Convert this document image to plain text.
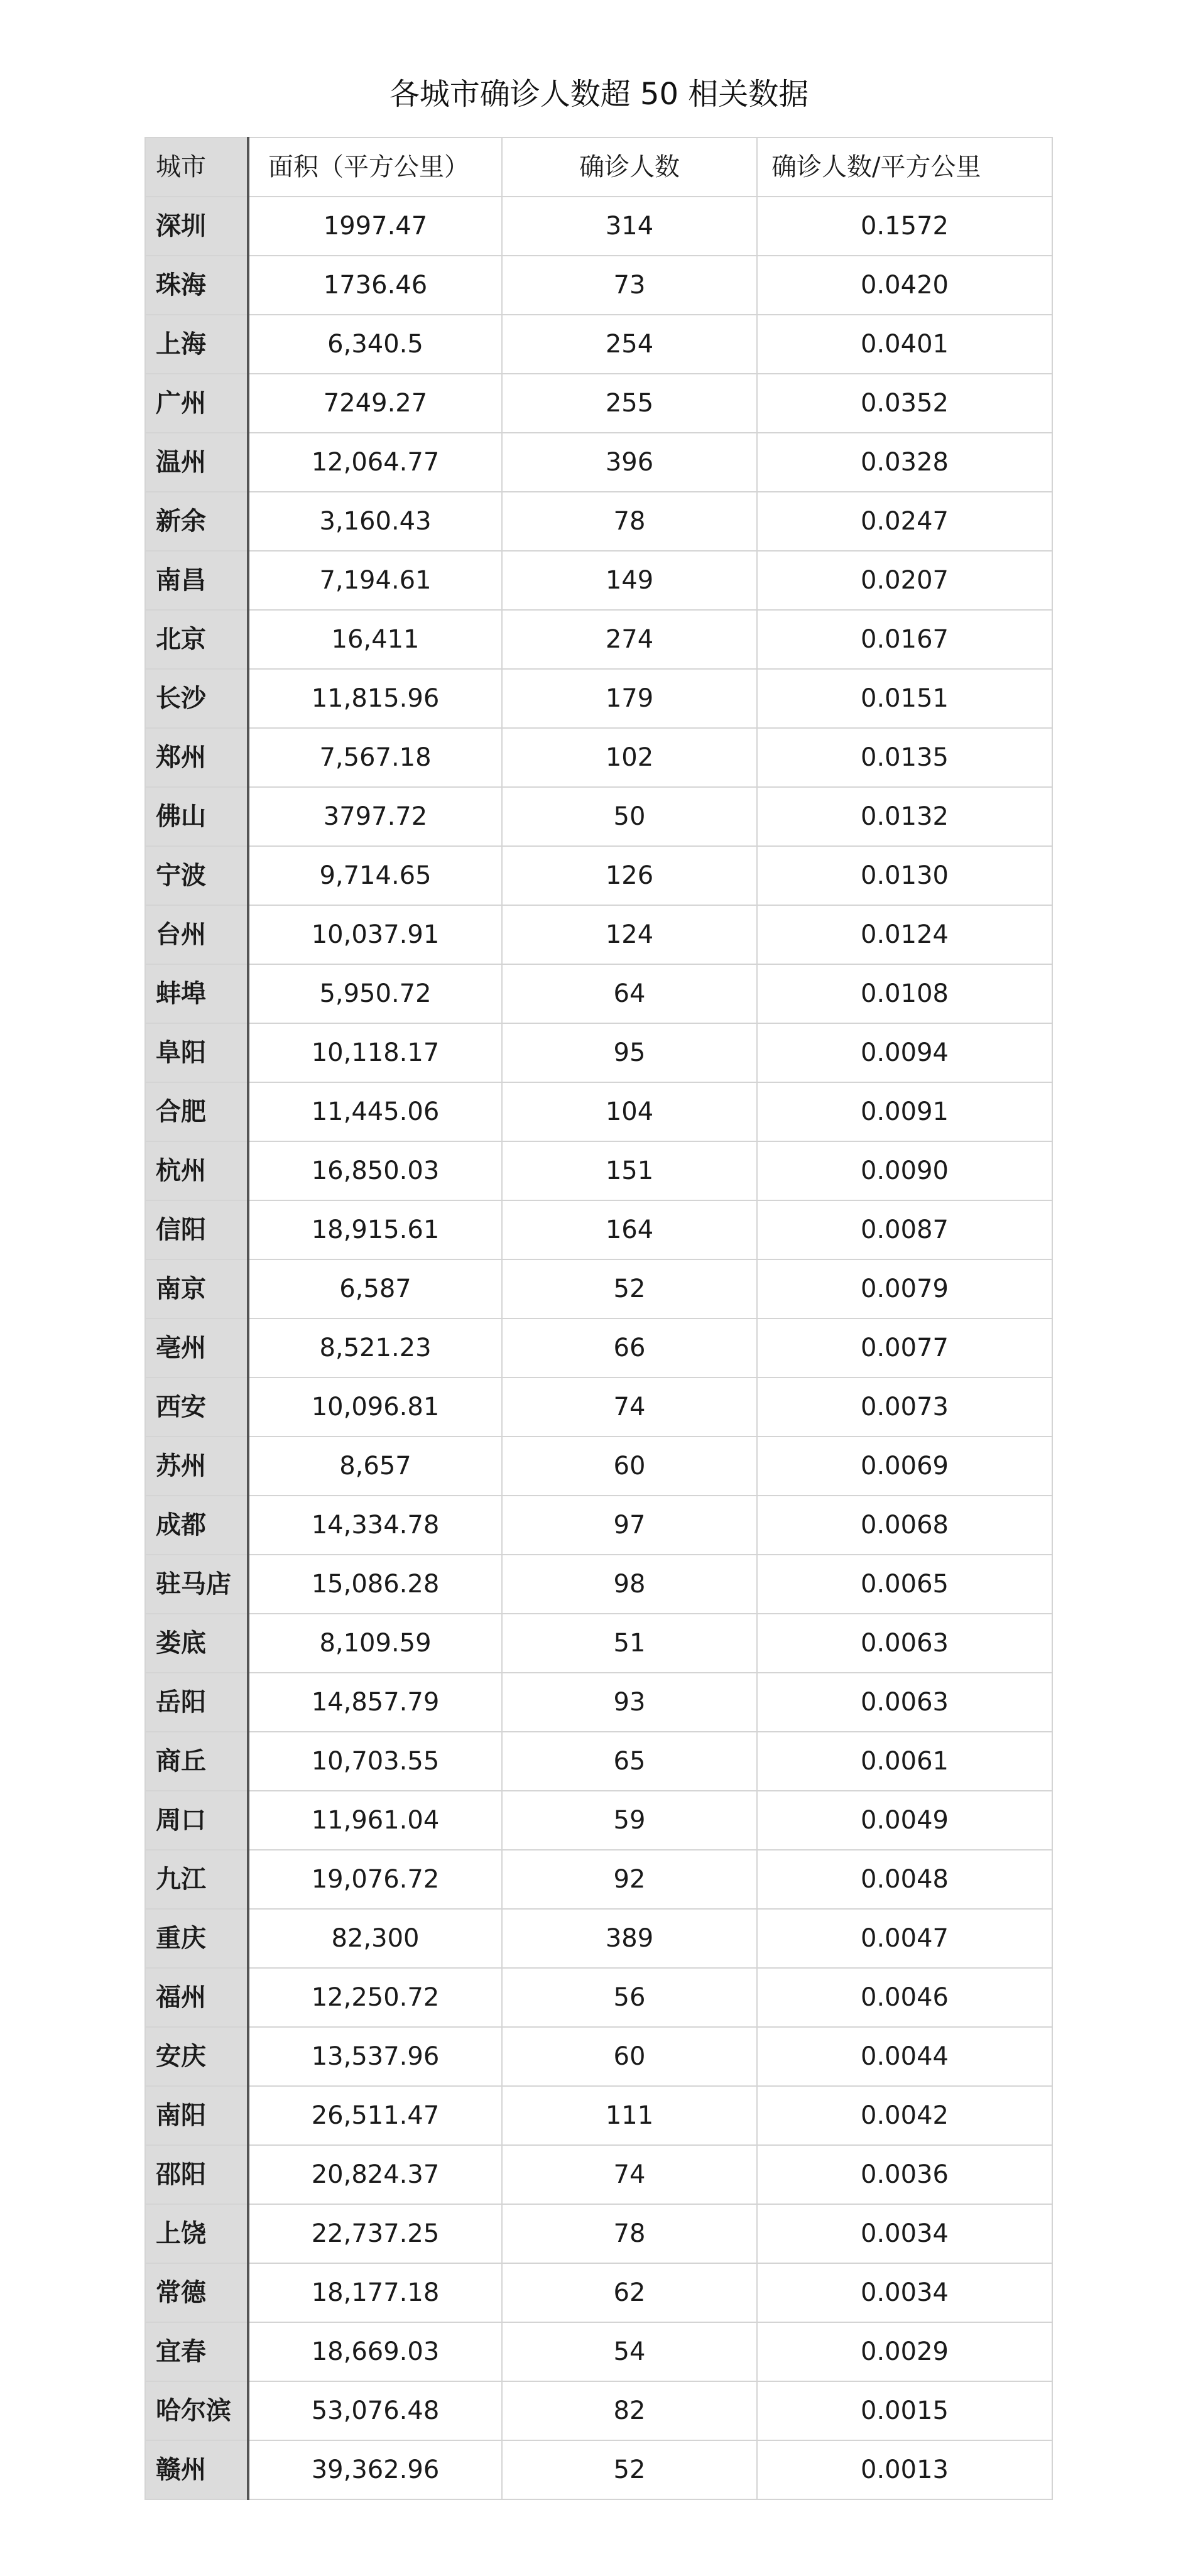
各城市确诊人数超 50 相关数据
城市	面积（平方公里）	确诊人数	确诊人数/平方公里
深圳	1997.47	314	0.1572
珠海	1736.46	73	0.0420
上海	6,340.5	254	0.0401
广州	7249.27	255	0.0352
温州	12,064.77	396	0.0328
新余	3,160.43	78	0.0247
南昌	7,194.61	149	0.0207
北京	16,411	274	0.0167
长沙	11,815.96	179	0.0151
郑州	7,567.18	102	0.0135
佛山	3797.72	50	0.0132
宁波	9,714.65	126	0.0130
台州	10,037.91	124	0.0124
蚌埠	5,950.72	64	0.0108
阜阳	10,118.17	95	0.0094
合肥	11,445.06	104	0.0091
杭州	16,850.03	151	0.0090
信阳	18,915.61	164	0.0087
南京	6,587	52	0.0079
亳州	8,521.23	66	0.0077
西安	10,096.81	74	0.0073
苏州	8,657	60	0.0069
成都	14,334.78	97	0.0068
驻马店	15,086.28	98	0.0065
娄底	8,109.59	51	0.0063
岳阳	14,857.79	93	0.0063
商丘	10,703.55	65	0.0061
周口	11,961.04	59	0.0049
九江	19,076.72	92	0.0048
重庆	82,300	389	0.0047
福州	12,250.72	56	0.0046
安庆	13,537.96	60	0.0044
南阳	26,511.47	111	0.0042
邵阳	20,824.37	74	0.0036
上饶	22,737.25	78	0.0034
常德	18,177.18	62	0.0034
宜春	18,669.03	54	0.0029
哈尔滨	53,076.48	82	0.0015
赣州	39,362.96	52	0.0013
